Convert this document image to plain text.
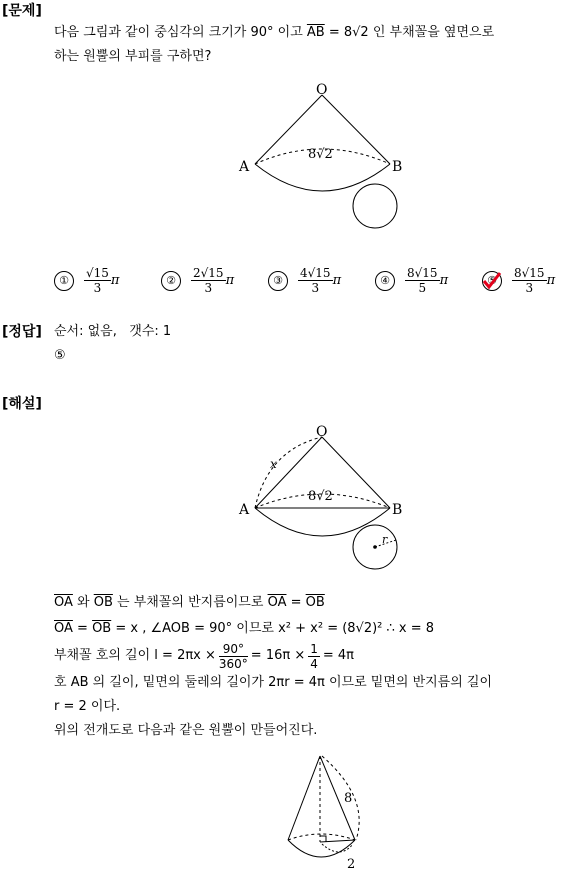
[문제]
[정답]
[해설]
다음 그림과 같이 중심각의 크기가 90° 이고 $\overline{AB} = 8√2$ 인 부채꼴을 옆면으로
하는 원뿔의 부피를 구하면?
O
A	B
8√2
① $\frac{√15}{3}$ π	② $\frac{2√15}{3}$ π	③ $\frac{4√15}{3}$ π	④ $\frac{8√15}{5}$ π	⑤ $\frac{8√15}{3}$ π
순서: 없음, 갯수: 1
⑤
O
A	B
x
8√2
r
$\overline{OA}$ 와 $\overline{OB}$ 는 부채꼴의 반지름이므로 $\overline{OA} = \overline{OB}$
$\overline{OA} = \overline{OB} = x$ , ∠AOB = 90° 이므로 x² + x² = (8√2)² ∴ x = 8
부채꼴 호의 길이 $l = 2\pi x \times \frac{90^\circ}{360^\circ} = 16\pi \times \frac{1}{4} = 4\pi$
호 AB 의 길이, 밑면의 둘레의 길이가 2πr = 4π 이므로 밑면의 반지름의 길이
r = 2 이다.
위의 전개도로 다음과 같은 원뿔이 만들어진다.
8
2
